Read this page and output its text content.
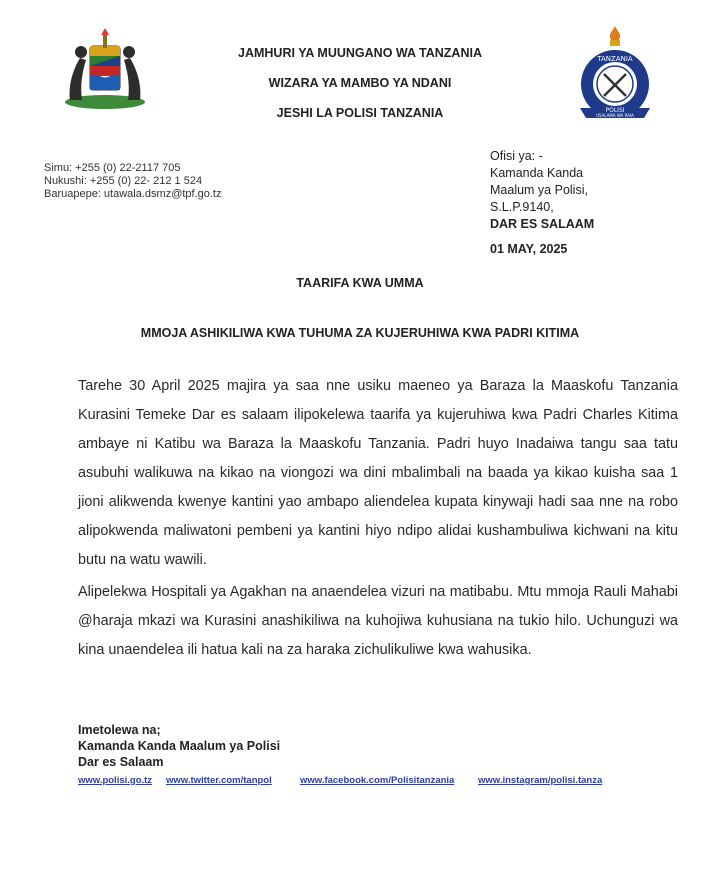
JAMHURI YA MUUNGANO WA TANZANIA
WIZARA YA MAMBO YA NDANI
JESHI LA POLISI TANZANIA
TANZANIA
POLISI
USALAMA WA RAIA
Simu: +255 (0) 22-2117 705
Nukushi: +255 (0) 22- 212 1 524
Baruapepe: utawala.dsmz@tpf.go.tz
Ofisi ya: -
Kamanda Kanda
Maalum ya Polisi,
S.L.P.9140,
DAR ES SALAAM
01 MAY, 2025
TAARIFA KWA UMMA
MMOJA ASHIKILIWA KWA TUHUMA ZA KUJERUHIWA KWA PADRI KITIMA
Tarehe 30 April 2025 majira ya saa nne usiku maeneo ya Baraza la Maaskofu Tanzania Kurasini Temeke Dar es salaam ilipokelewa taarifa ya kujeruhiwa kwa Padri Charles Kitima ambaye ni Katibu wa Baraza la Maaskofu Tanzania. Padri huyo Inadaiwa tangu saa tatu asubuhi walikuwa na kikao na viongozi wa dini mbalimbali na baada ya kikao kuisha saa 1 jioni alikwenda kwenye kantini yao ambapo aliendelea kupata kinywaji hadi saa nne na robo alipokwenda maliwatoni pembeni ya kantini hiyo ndipo alidai kushambuliwa kichwani na kitu butu na watu wawili.
Alipelekwa Hospitali ya Agakhan na anaendelea vizuri na matibabu. Mtu mmoja Rauli Mahabi @haraja mkazi wa Kurasini anashikiliwa na kuhojiwa kuhusiana na tukio hilo. Uchunguzi wa kina unaendelea ili hatua kali na za haraka zichulikuliwe kwa wahusika.
Imetolewa na;
Kamanda Kanda Maalum ya Polisi
Dar es Salaam
www.polisi.go.tz www.twitter.com/tanpol	www.facebook.com/Polisitanzania www.instagram/polisi.tanza
